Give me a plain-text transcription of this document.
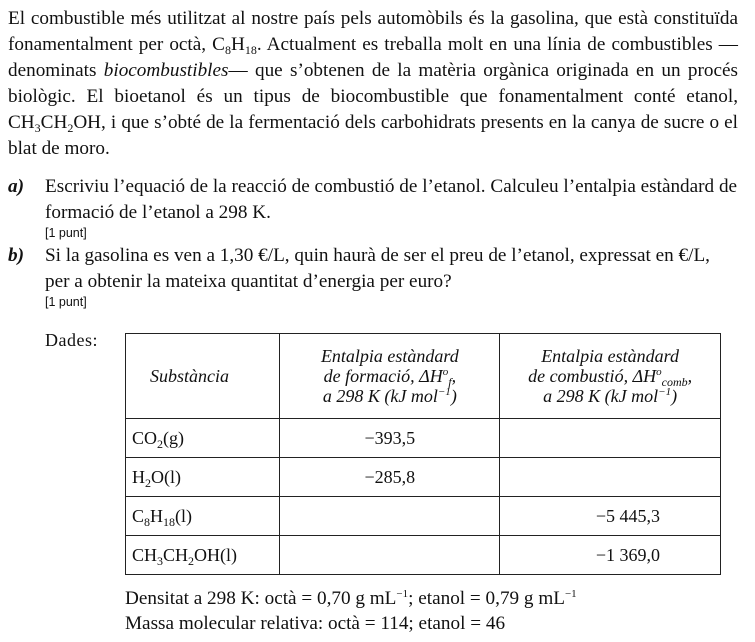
El combustible més utilitzat al nostre país pels automòbils és la gasolina, que està constituïda fonamentalment per octà, $C_8H_{18}$. Actualment es treballa molt en una línia de combustibles —denominats biocombustibles— que s’obtenen de la matèria orgànica originada en un procés biològic. El bioetanol és un tipus de biocombustible que fonamentalment conté etanol, $CH_3CH_2OH$, i que s’obté de la fermentació dels carbohidrats presents en la canya de sucre o el blat de moro.

a)	Escriviu l’equació de la reacció de combustió de l’etanol. Calculeu l’entalpia estàndard de formació de l’etanol a 298 K.
[1 punt]
b)	Si la gasolina es ven a 1,30 €/L, quin haurà de ser el preu de l’etanol, expressat en €/L, per a obtenir la mateixa quantitat d’energia per euro?
[1 punt]
Dades:
Substància	Entalpia estàndard
de formació, $\Delta H^o_f$,
a 298 K (kJ mol$^{-1}$)	Entalpia estàndard
de combustió, $\Delta H^o_{comb}$,
a 298 K (kJ mol$^{-1}$)
$CO_2(g)$	−393,5	
$H_2O(l)$	−285,8	
$C_8H_{18}(l)$		−5 445,3
$CH_3CH_2OH(l)$		−1 369,0
Densitat a 298 K: octà = 0,70 g $mL^{-1}$; etanol = 0,79 g $mL^{-1}$
Massa molecular relativa: octà = 114; etanol = 46
